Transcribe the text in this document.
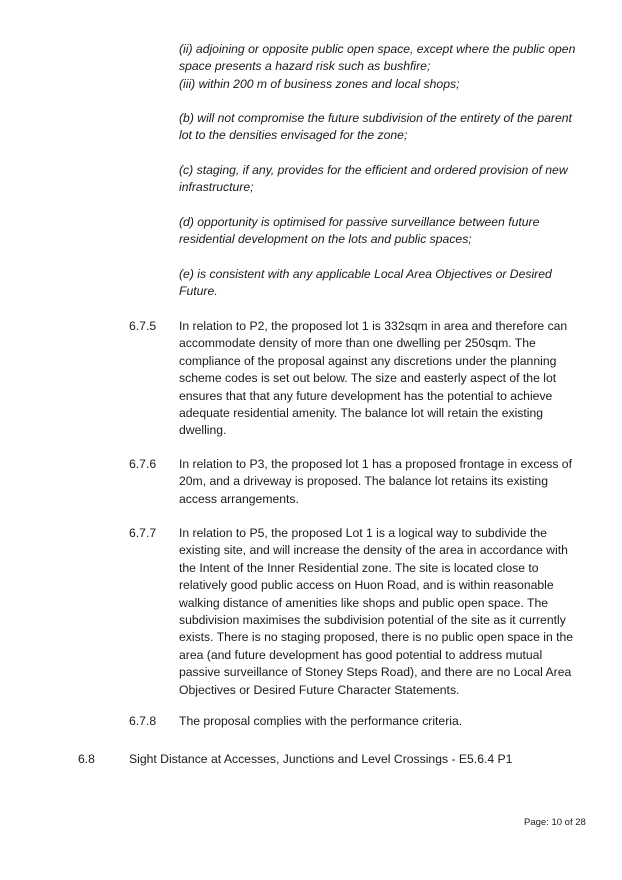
(ii) adjoining or opposite public open space, except where the public open space presents a hazard risk such as bushfire;
(iii) within 200 m of business zones and local shops;
(b) will not compromise the future subdivision of the entirety of the parent lot to the densities envisaged for the zone;
(c) staging, if any, provides for the efficient and ordered provision of new infrastructure;
(d) opportunity is optimised for passive surveillance between future residential development on the lots and public spaces;
(e) is consistent with any applicable Local Area Objectives or Desired Future.
6.7.5 In relation to P2, the proposed lot 1 is 332sqm in area and therefore can accommodate density of more than one dwelling per 250sqm. The compliance of the proposal against any discretions under the planning scheme codes is set out below. The size and easterly aspect of the lot ensures that that any future development has the potential to achieve adequate residential amenity. The balance lot will retain the existing dwelling.
6.7.6 In relation to P3, the proposed lot 1 has a proposed frontage in excess of 20m, and a driveway is proposed. The balance lot retains its existing access arrangements.
6.7.7 In relation to P5, the proposed Lot 1 is a logical way to subdivide the existing site, and will increase the density of the area in accordance with the Intent of the Inner Residential zone. The site is located close to relatively good public access on Huon Road, and is within reasonable walking distance of amenities like shops and public open space. The subdivision maximises the subdivision potential of the site as it currently exists. There is no staging proposed, there is no public open space in the area (and future development has good potential to address mutual passive surveillance of Stoney Steps Road), and there are no Local Area Objectives or Desired Future Character Statements.
6.7.8 The proposal complies with the performance criteria.
6.8	Sight Distance at Accesses, Junctions and Level Crossings - E5.6.4 P1
Page: 10 of 28
